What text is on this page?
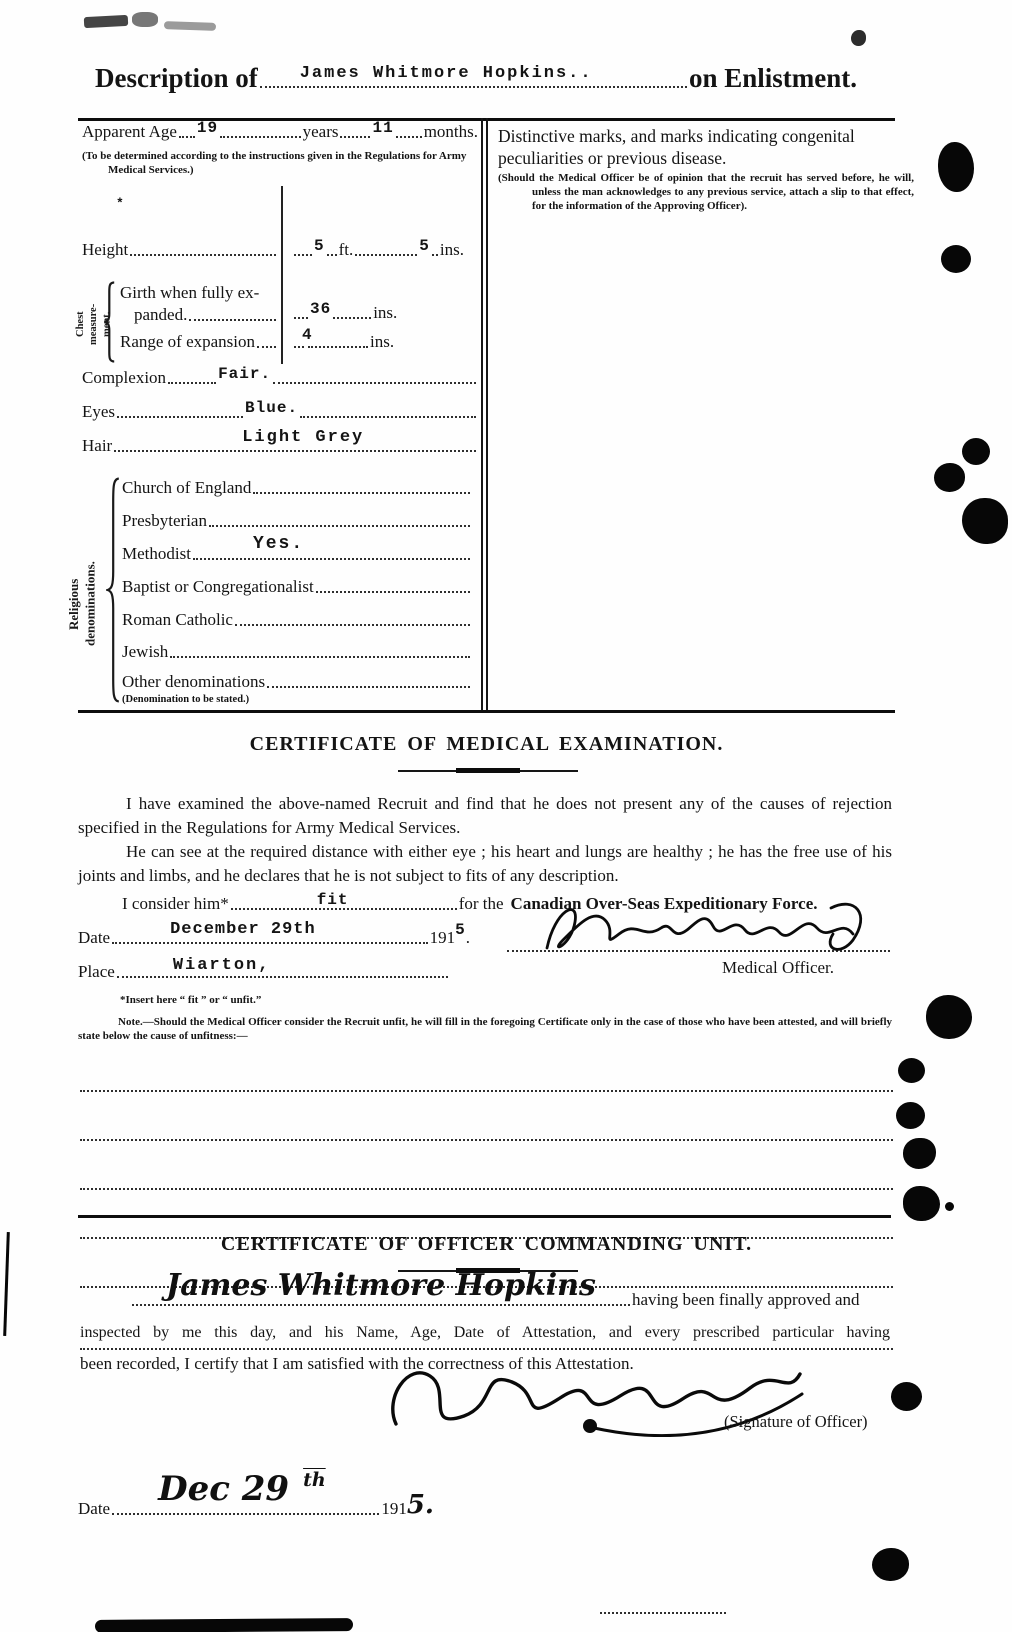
Description of James Whitmore Hopkins..	on Enlistment.
Apparent Age 19	years 11 months.
(To be determined according to the instructions given in the Regulations for Army Medical Services.)
*
Height	5 ft.	5 ins.
Chest
measure-
ment.
Girth when fully ex-
panded.	36 ins.
Range of expansion	4	ins.
Complexion	Fair.
Eyes	Blue.
Hair	Light Grey
Religious
denominations.
Church of England
Presbyterian
Methodist	Yes.
Baptist or Congregationalist
Roman Catholic
Jewish
Other denominations
(Denomination to be stated.)
Distinctive marks, and marks indicating congenital peculiarities or previous disease.
(Should the Medical Officer be of opinion that the recruit has served before, he will, unless the man acknowledges to any previous service, attach a slip to that effect, for the information of the Approving Officer).
CERTIFICATE OF MEDICAL EXAMINATION.
I have examined the above-named Recruit and find that he does not present any of the causes of rejection specified in the Regulations for Army Medical Services.
He can see at the required distance with either eye ; his heart and lungs are healthy ; he has the free use of his joints and limbs, and he declares that he is not subject to fits of any description.
I consider him*	fit	for the Canadian Over-Seas Expeditionary Force.
Date	December 29th	191 5 .
Medical Officer.
Place	Wiarton,
*Insert here “ fit ” or “ unfit.”
Note.—Should the Medical Officer consider the Recruit unfit, he will fill in the foregoing Certificate only in the case of those who have been attested, and will briefly state below the cause of unfitness:—
CERTIFICATE OF OFFICER COMMANDING UNIT.
James Whitmore Hopkins having been finally approved and
inspected by me this day, and his Name, Age, Date of Attestation, and every prescribed particular having
been recorded, I certify that I am satisfied with the correctness of this Attestation.
(Signature of Officer)
Date Dec 29 $^{\overline{th}}$
191 5.
